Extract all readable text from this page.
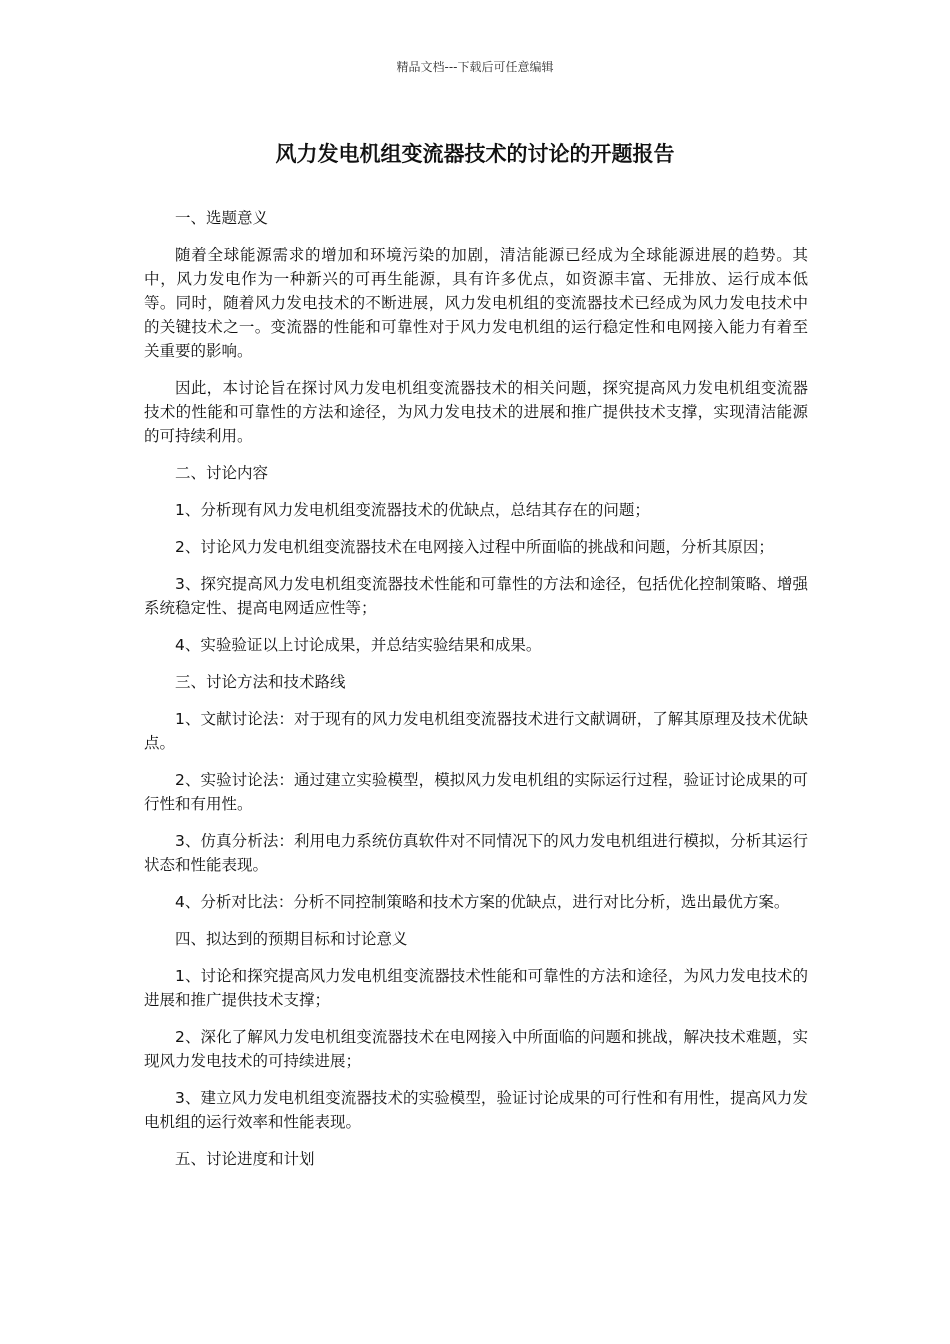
精品文档---下载后可任意编辑
风力发电机组变流器技术的讨论的开题报告

一、选题意义

随着全球能源需求的增加和环境污染的加剧，清洁能源已经成为全球能源进展的趋势。其中，风力发电作为一种新兴的可再生能源，具有许多优点，如资源丰富、无排放、运行成本低等。同时，随着风力发电技术的不断进展，风力发电机组的变流器技术已经成为风力发电技术中的关键技术之一。变流器的性能和可靠性对于风力发电机组的运行稳定性和电网接入能力有着至关重要的影响。

因此，本讨论旨在探讨风力发电机组变流器技术的相关问题，探究提高风力发电机组变流器技术的性能和可靠性的方法和途径，为风力发电技术的进展和推广提供技术支撑，实现清洁能源的可持续利用。

二、讨论内容

1、分析现有风力发电机组变流器技术的优缺点，总结其存在的问题；

2、讨论风力发电机组变流器技术在电网接入过程中所面临的挑战和问题，分析其原因；

3、探究提高风力发电机组变流器技术性能和可靠性的方法和途径，包括优化控制策略、增强系统稳定性、提高电网适应性等；

4、实验验证以上讨论成果，并总结实验结果和成果。

三、讨论方法和技术路线

1、文献讨论法：对于现有的风力发电机组变流器技术进行文献调研，了解其原理及技术优缺点。

2、实验讨论法：通过建立实验模型，模拟风力发电机组的实际运行过程，验证讨论成果的可行性和有用性。

3、仿真分析法：利用电力系统仿真软件对不同情况下的风力发电机组进行模拟，分析其运行状态和性能表现。

4、分析对比法：分析不同控制策略和技术方案的优缺点，进行对比分析，选出最优方案。

四、拟达到的预期目标和讨论意义

1、讨论和探究提高风力发电机组变流器技术性能和可靠性的方法和途径，为风力发电技术的进展和推广提供技术支撑；

2、深化了解风力发电机组变流器技术在电网接入中所面临的问题和挑战，解决技术难题，实现风力发电技术的可持续进展；

3、建立风力发电机组变流器技术的实验模型，验证讨论成果的可行性和有用性，提高风力发电机组的运行效率和性能表现。

五、讨论进度和计划
